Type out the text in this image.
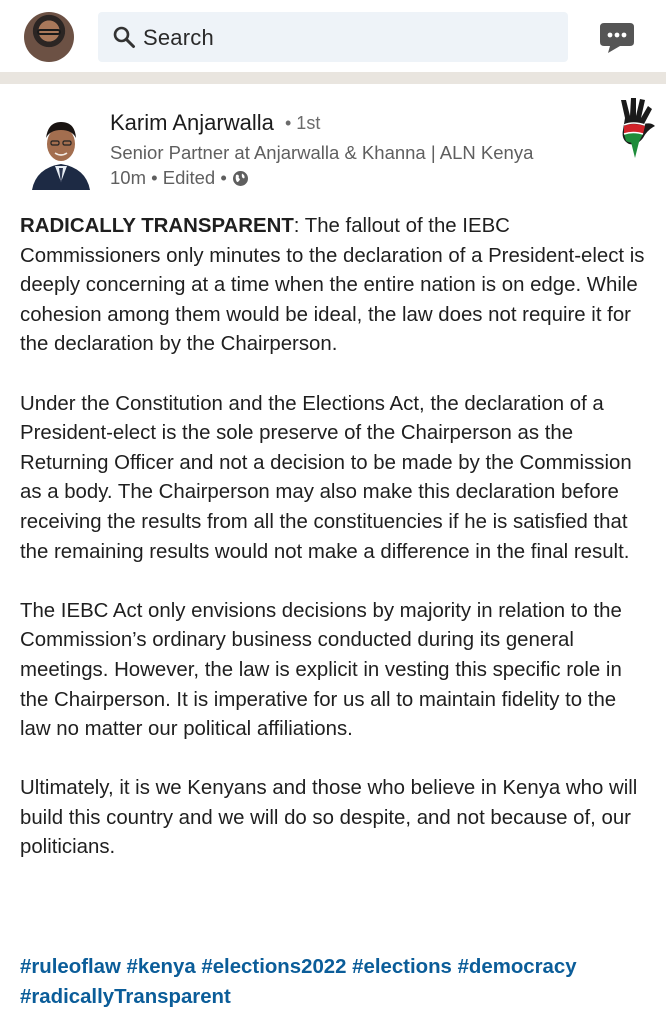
Search
Karim Anjarwalla • 1st
Senior Partner at Anjarwalla & Khanna | ALN Kenya
10m • Edited •

RADICALLY TRANSPARENT: The fallout of the IEBC Commissioners only minutes to the declaration of a President-elect is deeply concerning at a time when the entire nation is on edge. While cohesion among them would be ideal, the law does not require it for the declaration by the Chairperson.

Under the Constitution and the Elections Act, the declaration of a President-elect is the sole preserve of the Chairperson as the Returning Officer and not a decision to be made by the Commission as a body. The Chairperson may also make this declaration before receiving the results from all the constituencies if he is satisfied that the remaining results would not make a difference in the final result.

The IEBC Act only envisions decisions by majority in relation to the Commission’s ordinary business conducted during its general meetings. However, the law is explicit in vesting this specific role in the Chairperson. It is imperative for us all to maintain fidelity to the law no matter our political affiliations.

Ultimately, it is we Kenyans and those who believe in Kenya who will build this country and we will do so despite, and not because of, our politicians.

#ruleoflaw #kenya #elections2022 #elections #democracy
#radicallyTransparent
